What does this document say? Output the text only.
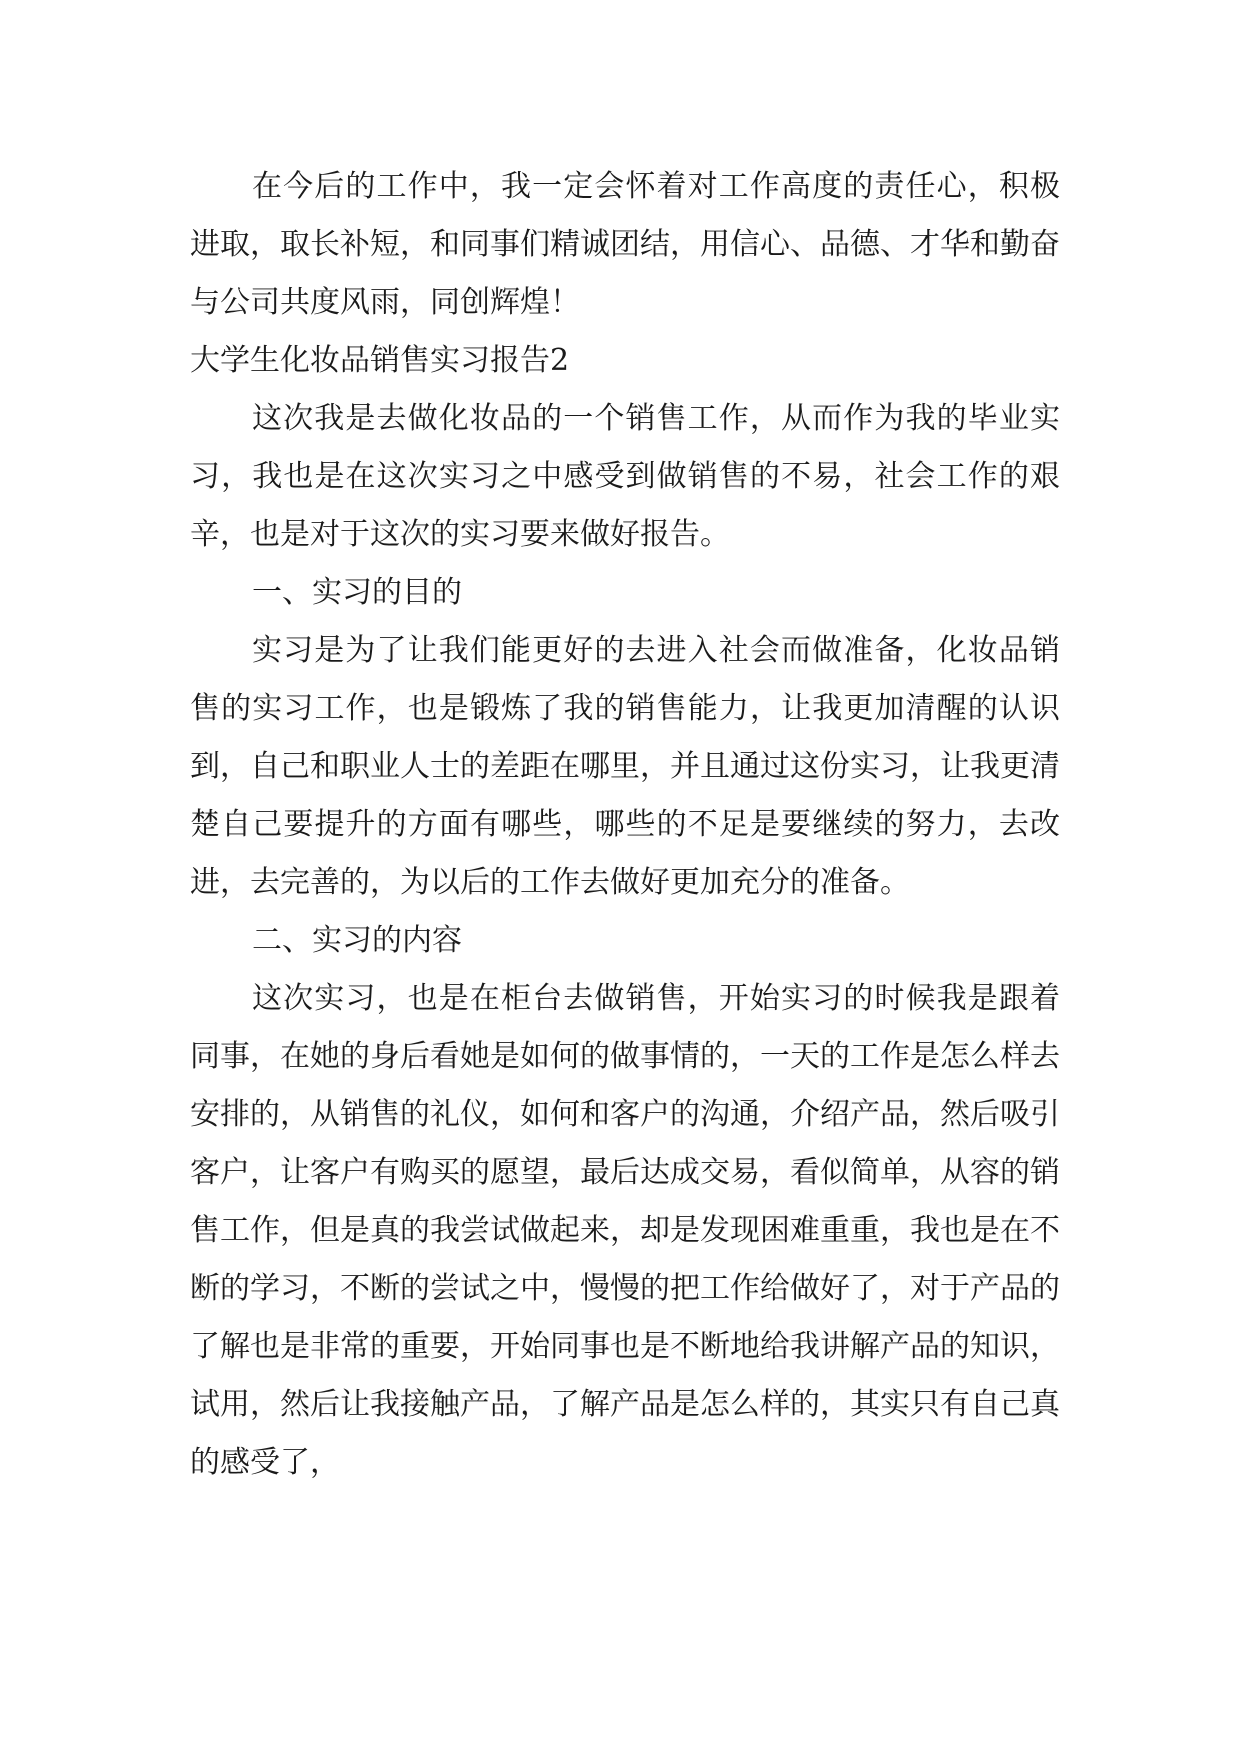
在今后的工作中，我一定会怀着对工作高度的责任心，积极进取，取长补短，和同事们精诚团结，用信心、品德、才华和勤奋与公司共度风雨，同创辉煌！

大学生化妆品销售实习报告2

这次我是去做化妆品的一个销售工作，从而作为我的毕业实习，我也是在这次实习之中感受到做销售的不易，社会工作的艰辛，也是对于这次的实习要来做好报告。

一、实习的目的

实习是为了让我们能更好的去进入社会而做准备，化妆品销售的实习工作，也是锻炼了我的销售能力，让我更加清醒的认识到，自己和职业人士的差距在哪里，并且通过这份实习，让我更清楚自己要提升的方面有哪些，哪些的不足是要继续的努力，去改进，去完善的，为以后的工作去做好更加充分的准备。

二、实习的内容

这次实习，也是在柜台去做销售，开始实习的时候我是跟着同事，在她的身后看她是如何的做事情的，一天的工作是怎么样去安排的，从销售的礼仪，如何和客户的沟通，介绍产品，然后吸引客户，让客户有购买的愿望，最后达成交易，看似简单，从容的销售工作，但是真的我尝试做起来，却是发现困难重重，我也是在不断的学习，不断的尝试之中，慢慢的把工作给做好了，对于产品的了解也是非常的重要，开始同事也是不断地给我讲解产品的知识，试用，然后让我接触产品，了解产品是怎么样的，其实只有自己真的感受了，
